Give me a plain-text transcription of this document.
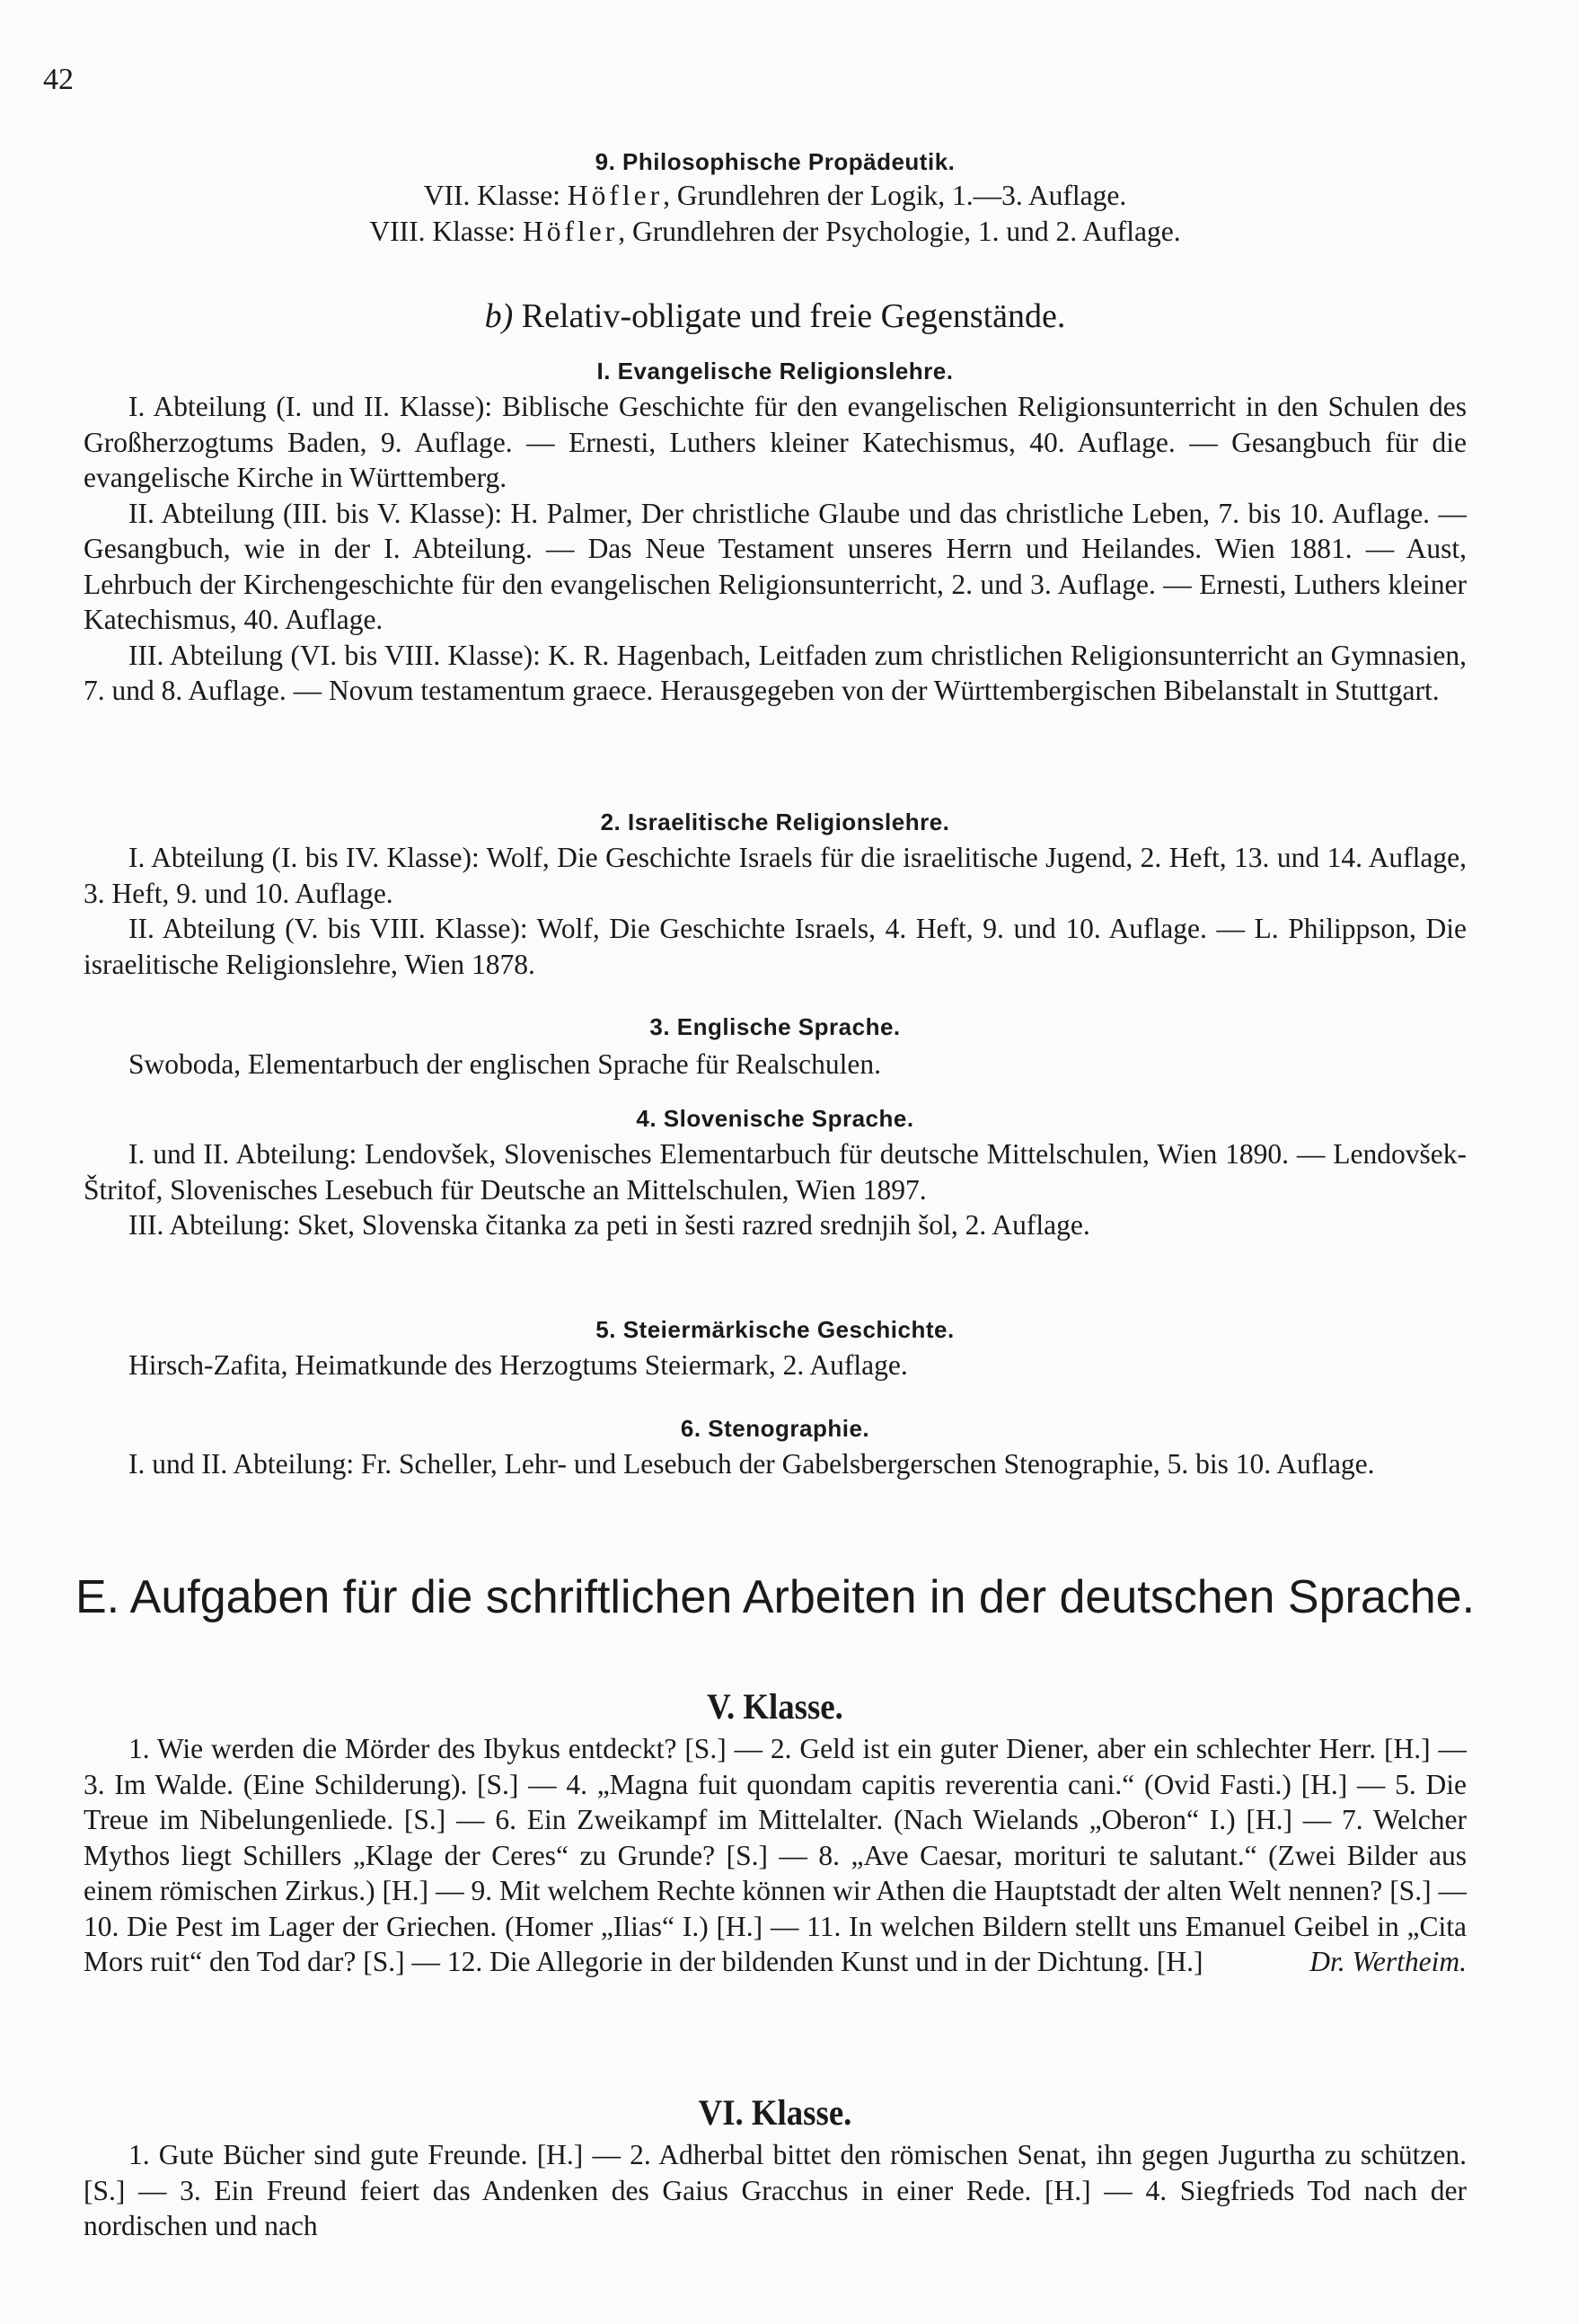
42
9. Philosophische Propädeutik.

VII. Klasse: Höfler, Grundlehren der Logik, 1.—3. Auflage.

VIII. Klasse: Höfler, Grundlehren der Psychologie, 1. und 2. Auflage.

b) Relativ-obligate und freie Gegenstände.
I. Evangelische Religionslehre.

I. Abteilung (I. und II. Klasse): Biblische Geschichte für den evangelischen Religionsunterricht in den Schulen des Großherzogtums Baden, 9. Auflage. — Ernesti, Luthers kleiner Katechismus, 40. Auflage. — Gesangbuch für die evangelische Kirche in Württemberg.

II. Abteilung (III. bis V. Klasse): H. Palmer, Der christliche Glaube und das christliche Leben, 7. bis 10. Auflage. — Gesangbuch, wie in der I. Abteilung. — Das Neue Testament unseres Herrn und Heilandes. Wien 1881. — Aust, Lehrbuch der Kirchengeschichte für den evangelischen Religionsunterricht, 2. und 3. Auflage. — Ernesti, Luthers kleiner Katechismus, 40. Auflage.

III. Abteilung (VI. bis VIII. Klasse): K. R. Hagenbach, Leitfaden zum christlichen Religionsunterricht an Gymnasien, 7. und 8. Auflage. — Novum testamentum graece. Herausgegeben von der Württembergischen Bibelanstalt in Stuttgart.

2. Israelitische Religionslehre.

I. Abteilung (I. bis IV. Klasse): Wolf, Die Geschichte Israels für die israelitische Jugend, 2. Heft, 13. und 14. Auflage, 3. Heft, 9. und 10. Auflage.

II. Abteilung (V. bis VIII. Klasse): Wolf, Die Geschichte Israels, 4. Heft, 9. und 10. Auflage. — L. Philippson, Die israelitische Religionslehre, Wien 1878.

3. Englische Sprache.

Swoboda, Elementarbuch der englischen Sprache für Realschulen.

4. Slovenische Sprache.

I. und II. Abteilung: Lendovšek, Slovenisches Elementarbuch für deutsche Mittelschulen, Wien 1890. — Lendovšek-Štritof, Slovenisches Lesebuch für Deutsche an Mittelschulen, Wien 1897.

III. Abteilung: Sket, Slovenska čitanka za peti in šesti razred srednjih šol, 2. Auflage.

5. Steiermärkische Geschichte.

Hirsch-Zafita, Heimatkunde des Herzogtums Steiermark, 2. Auflage.

6. Stenographie.

I. und II. Abteilung: Fr. Scheller, Lehr- und Lesebuch der Gabelsbergerschen Stenographie, 5. bis 10. Auflage.

E. Aufgaben für die schriftlichen Arbeiten in der deutschen Sprache.
V. Klasse.

1. Wie werden die Mörder des Ibykus entdeckt? [S.] — 2. Geld ist ein guter Diener, aber ein schlechter Herr. [H.] — 3. Im Walde. (Eine Schilderung). [S.] — 4. „Magna fuit quondam capitis reverentia cani.“ (Ovid Fasti.) [H.] — 5. Die Treue im Nibelungenliede. [S.] — 6. Ein Zweikampf im Mittelalter. (Nach Wielands „Oberon“ I.) [H.] — 7. Welcher Mythos liegt Schillers „Klage der Ceres“ zu Grunde? [S.] — 8. „Ave Caesar, morituri te salutant.“ (Zwei Bilder aus einem römischen Zirkus.) [H.] — 9. Mit welchem Rechte können wir Athen die Hauptstadt der alten Welt nennen? [S.] — 10. Die Pest im Lager der Griechen. (Homer „Ilias“ I.) [H.] — 11. In welchen Bildern stellt uns Emanuel Geibel in „Cita Mors ruit“ den Tod dar? [S.] — 12. Die Allegorie in der bildenden Kunst und in der Dichtung. [H.]	Dr. Wertheim.

VI. Klasse.

1. Gute Bücher sind gute Freunde. [H.] — 2. Adherbal bittet den römischen Senat, ihn gegen Jugurtha zu schützen. [S.] — 3. Ein Freund feiert das Andenken des Gaius Gracchus in einer Rede. [H.] — 4. Siegfrieds Tod nach der nordischen und nach
